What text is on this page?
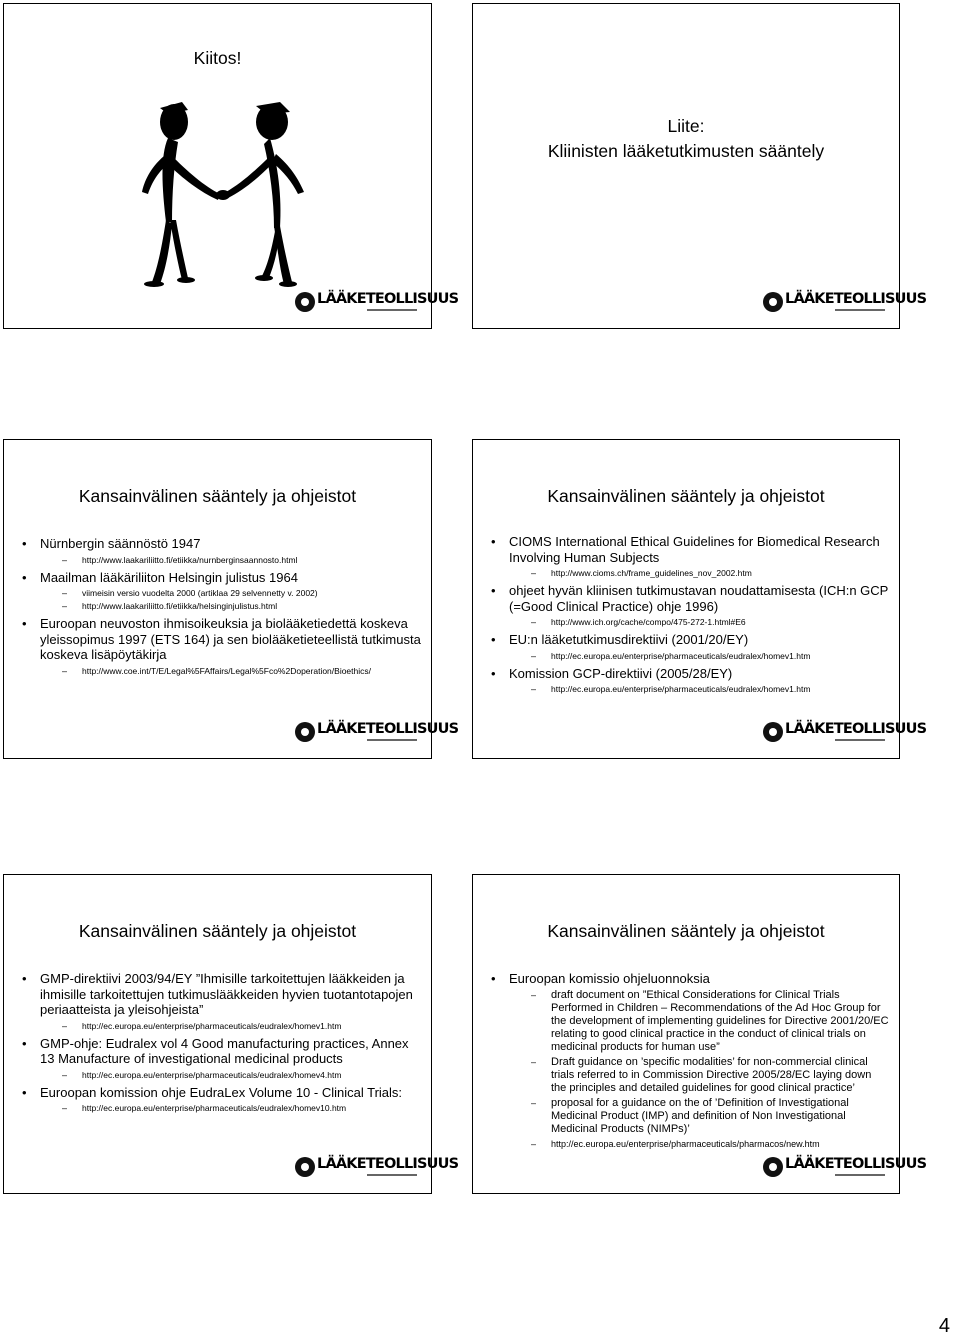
Kiitos!
LÄÄKETEOLLISUUS
Liite:
Kliinisten lääketutkimusten sääntely
LÄÄKETEOLLISUUS
Kansainvälinen sääntely ja ohjeistot
• Nürnbergin säännöstö 1947
– http://www.laakariliitto.fi/etiikka/nurnberginsaannosto.html
• Maailman lääkäriliiton Helsingin julistus 1964
– viimeisin versio vuodelta 2000 (artiklaa 29 selvennetty v. 2002)
– http://www.laakariliitto.fi/etiikka/helsinginjulistus.html
• Euroopan neuvoston ihmisoikeuksia ja biolääketiedettä koskeva yleissopimus 1997 (ETS 164) ja sen biolääketieteellistä tutkimusta koskeva lisäpöytäkirja
– http://www.coe.int/T/E/Legal%5FAffairs/Legal%5Fco%2Doperation/Bioethics/
LÄÄKETEOLLISUUS
Kansainvälinen sääntely ja ohjeistot
• CIOMS International Ethical Guidelines for Biomedical Research Involving Human Subjects
– http://www.cioms.ch/frame_guidelines_nov_2002.htm
• ohjeet hyvän kliinisen tutkimustavan noudattamisesta (ICH:n GCP (=Good Clinical Practice) ohje 1996)
– http://www.ich.org/cache/compo/475-272-1.html#E6
• EU:n lääketutkimusdirektiivi (2001/20/EY)
– http://ec.europa.eu/enterprise/pharmaceuticals/eudralex/homev1.htm
• Komission GCP-direktiivi (2005/28/EY)
– http://ec.europa.eu/enterprise/pharmaceuticals/eudralex/homev1.htm
LÄÄKETEOLLISUUS
Kansainvälinen sääntely ja ohjeistot
• GMP-direktiivi 2003/94/EY ”Ihmisille tarkoitettujen lääkkeiden ja ihmisille tarkoitettujen tutkimuslääkkeiden hyvien tuotantotapojen periaatteista ja yleisohjeista”
– http://ec.europa.eu/enterprise/pharmaceuticals/eudralex/homev1.htm
• GMP-ohje: Eudralex vol 4 Good manufacturing practices, Annex 13 Manufacture of investigational medicinal products
– http://ec.europa.eu/enterprise/pharmaceuticals/eudralex/homev4.htm
• Euroopan komission ohje EudraLex Volume 10 - Clinical Trials:
– http://ec.europa.eu/enterprise/pharmaceuticals/eudralex/homev10.htm
LÄÄKETEOLLISUUS
Kansainvälinen sääntely ja ohjeistot
• Euroopan komissio ohjeluonnoksia
– draft document on ”Ethical Considerations for Clinical Trials Performed in Children – Recommendations of the Ad Hoc Group for the development of implementing guidelines for Directive 2001/20/EC relating to good clinical practice in the conduct of clinical trials on medicinal products for human use”
– Draft guidance on ’specific modalities’ for non-commercial clinical trials referred to in Commission Directive 2005/28/EC laying down the principles and detailed guidelines for good clinical practice’
– proposal for a guidance on the of ’Definition of Investigational Medicinal Product (IMP) and definition of Non Investigational Medicinal Products (NIMPs)’
– http://ec.europa.eu/enterprise/pharmaceuticals/pharmacos/new.htm
LÄÄKETEOLLISUUS
4
